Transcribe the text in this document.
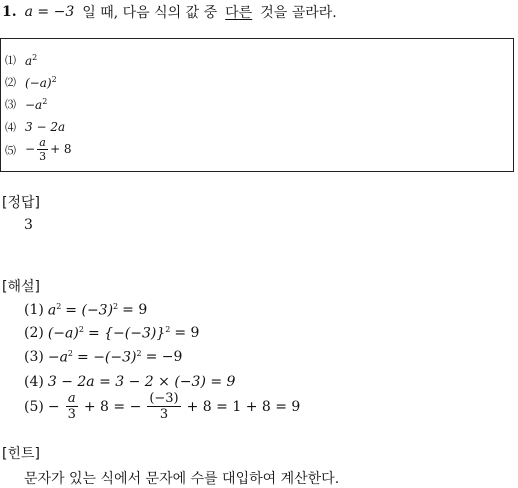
1. a = −3 일 때, 다음 식의 값 중 다른 것을 골라라.
⑴ $a^2$
⑵ $(-a)^2$
⑶ $-a^2$
⑷ 3 − 2a
⑸ − $\frac{a}{3} + 8$
[정답]
3
[해설]
(1) $a^2 = (-3)^2 = 9$
(2) $(-a)^2 = \{-(-3)\}^2 = 9$
$(3) -a^2 = -(-3)^2 = -9$
(4) 3 − 2a = 3 − 2 × (−3) = 9
$(5) - \frac{a}{3} + 8$ = − $\frac{(-3)}{3} + 8 = 1 + 8 = 9$
[힌트]
문자가 있는 식에서 문자에 수를 대입하여 계산한다.
